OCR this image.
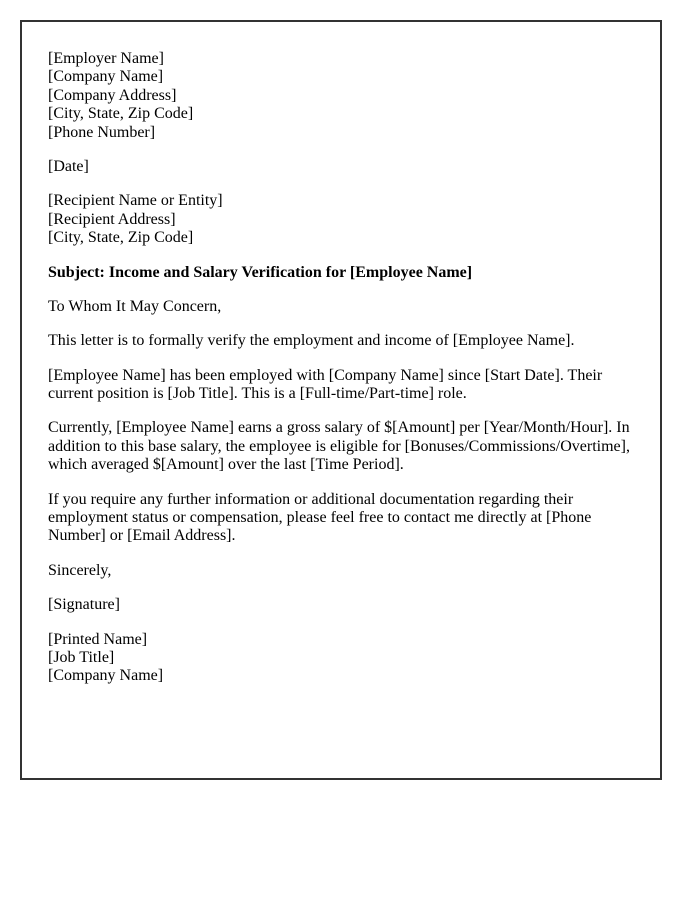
[Employer Name]
[Company Name]
[Company Address]
[City, State, Zip Code]
[Phone Number]

[Date]

[Recipient Name or Entity]
[Recipient Address]
[City, State, Zip Code]

Subject: Income and Salary Verification for [Employee Name]

To Whom It May Concern,

This letter is to formally verify the employment and income of [Employee Name].

[Employee Name] has been employed with [Company Name] since [Start Date]. Their current position is [Job Title]. This is a [Full-time/Part-time] role.

Currently, [Employee Name] earns a gross salary of $[Amount] per [Year/Month/Hour]. In addition to this base salary, the employee is eligible for [Bonuses/Commissions/Overtime], which averaged $[Amount] over the last [Time Period].

If you require any further information or additional documentation regarding their employment status or compensation, please feel free to contact me directly at [Phone Number] or [Email Address].

Sincerely,

[Signature]

[Printed Name]
[Job Title]
[Company Name]
